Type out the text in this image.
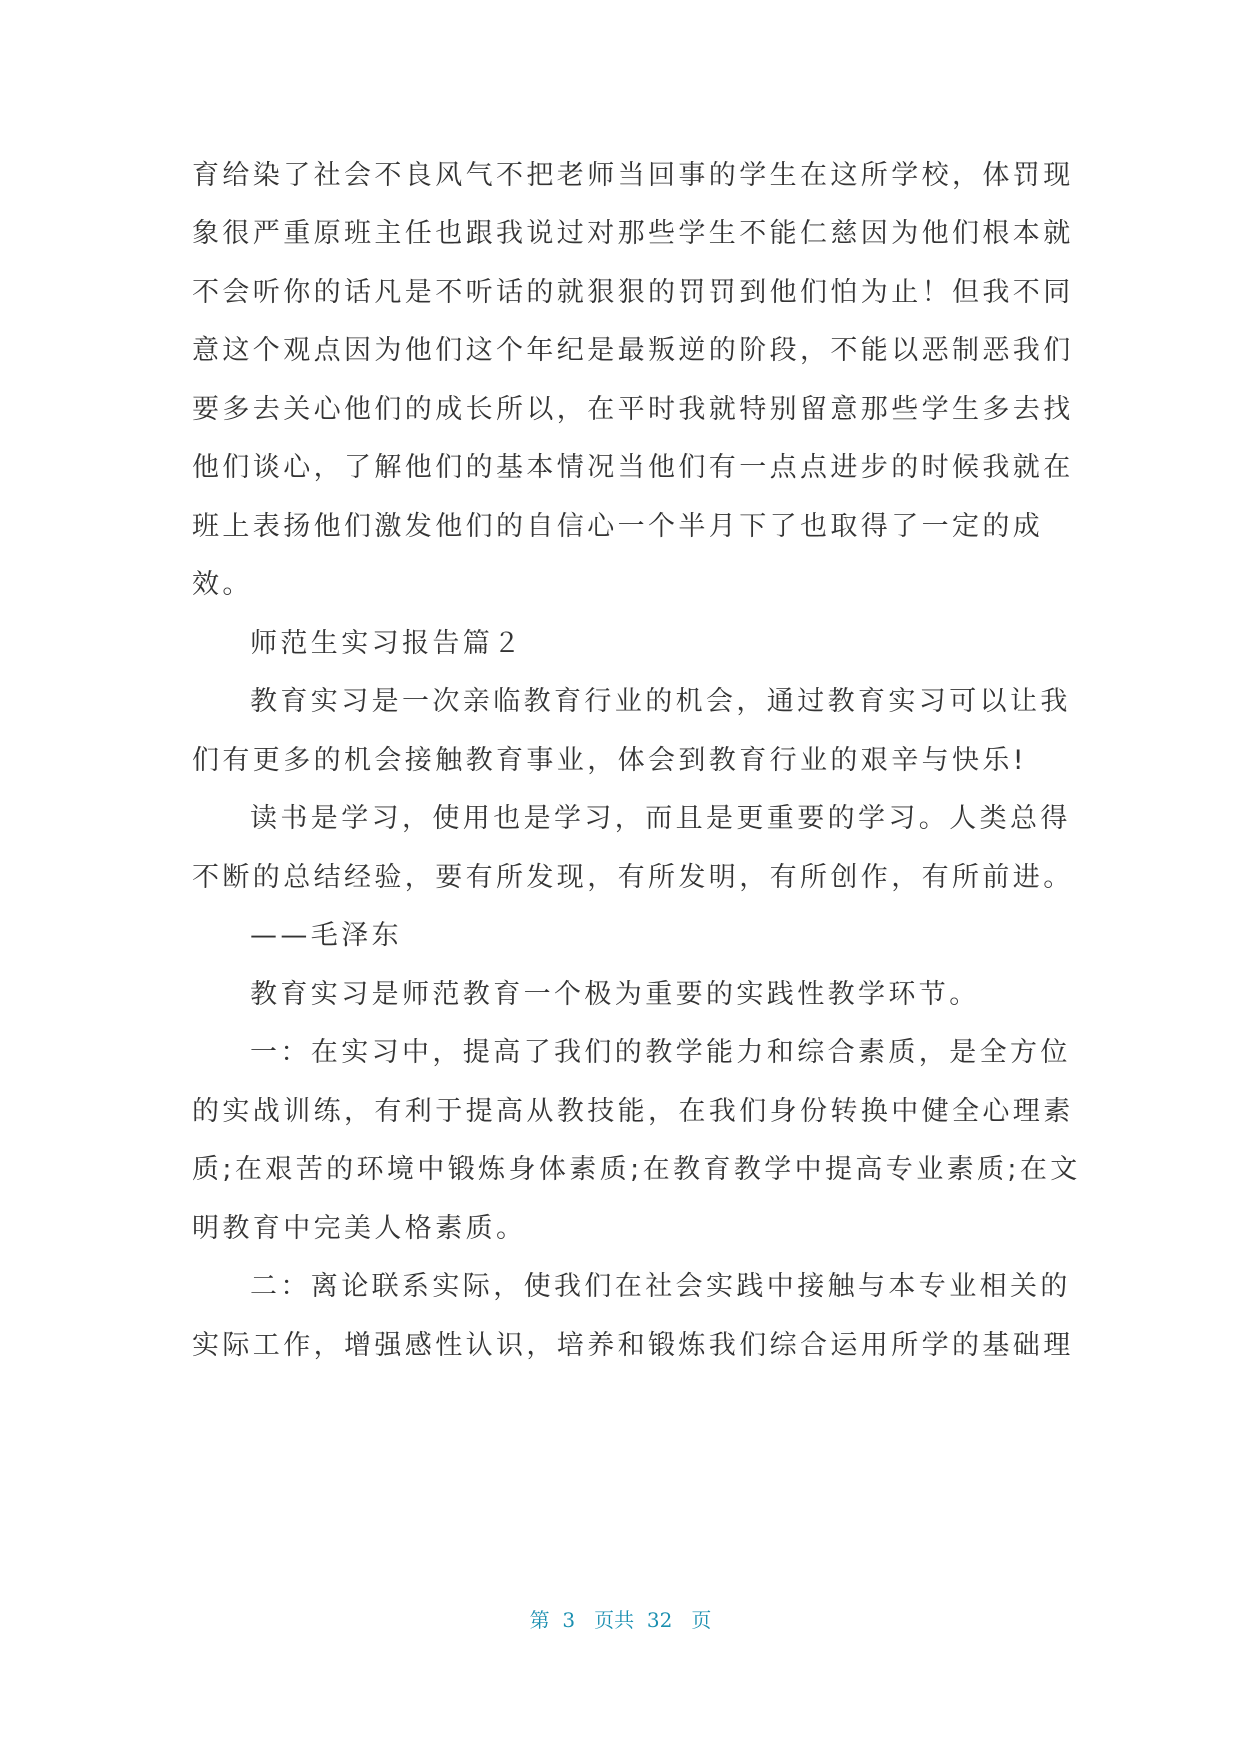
育给染了社会不良风气不把老师当回事的学生在这所学校，体罚现
象很严重原班主任也跟我说过对那些学生不能仁慈因为他们根本就
不会听你的话凡是不听话的就狠狠的罚罚到他们怕为止！但我不同
意这个观点因为他们这个年纪是最叛逆的阶段，不能以恶制恶我们
要多去关心他们的成长所以，在平时我就特别留意那些学生多去找
他们谈心，了解他们的基本情况当他们有一点点进步的时候我就在
班上表扬他们激发他们的自信心一个半月下了也取得了一定的成
效。
师范生实习报告篇２
教育实习是一次亲临教育行业的机会，通过教育实习可以让我
们有更多的机会接触教育事业，体会到教育行业的艰辛与快乐!
读书是学习，使用也是学习，而且是更重要的学习。人类总得
不断的总结经验，要有所发现，有所发明，有所创作，有所前进。
——毛泽东
教育实习是师范教育一个极为重要的实践性教学环节。
一：在实习中，提高了我们的教学能力和综合素质，是全方位
的实战训练，有利于提高从教技能，在我们身份转换中健全心理素
质;在艰苦的环境中锻炼身体素质;在教育教学中提高专业素质;在文
明教育中完美人格素质。
二：离论联系实际，使我们在社会实践中接触与本专业相关的
实际工作，增强感性认识，培养和锻炼我们综合运用所学的基础理
第  3   页共  32   页
